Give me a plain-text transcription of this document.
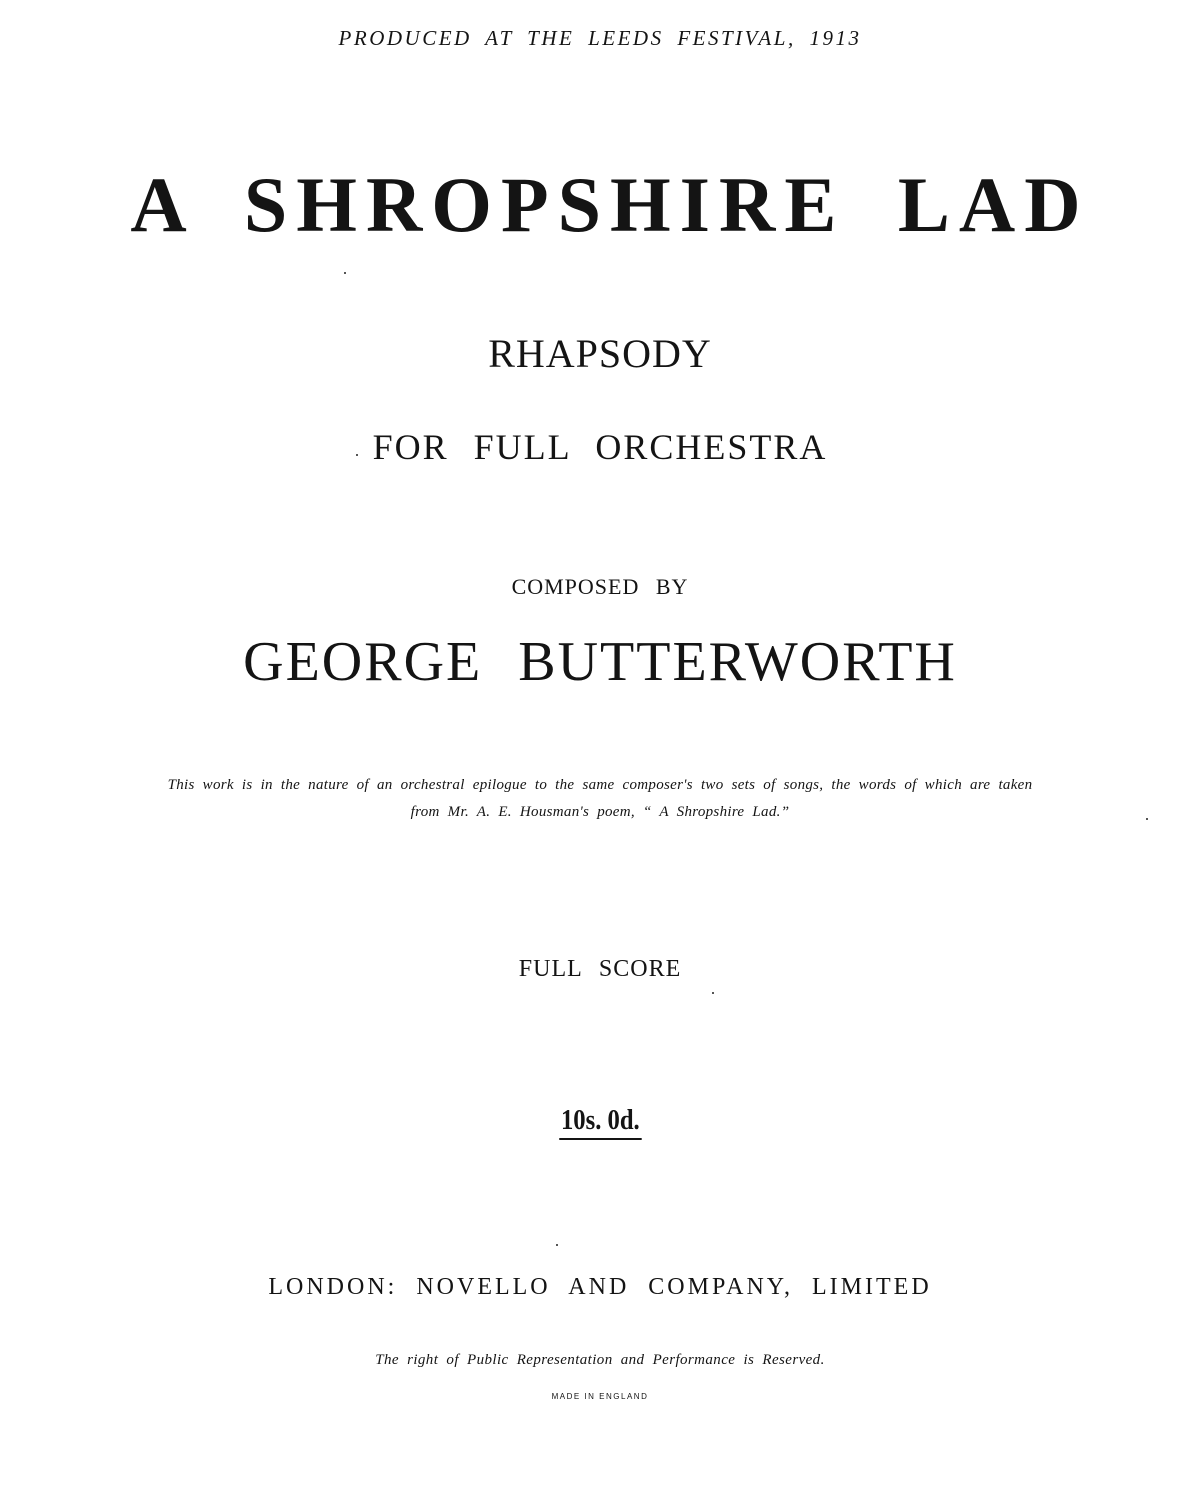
PRODUCED AT THE LEEDS FESTIVAL, 1913

A SHROPSHIRE LAD
RHAPSODY

FOR FULL ORCHESTRA

COMPOSED BY

GEORGE BUTTERWORTH

This work is in the nature of an orchestral epilogue to the same composer's two sets of songs, the words of which are taken
from Mr. A. E. Housman's poem, “ A Shropshire Lad.”

FULL SCORE

10s. 0d.

LONDON: NOVELLO AND COMPANY, LIMITED

The right of Public Representation and Performance is Reserved.

MADE IN ENGLAND
